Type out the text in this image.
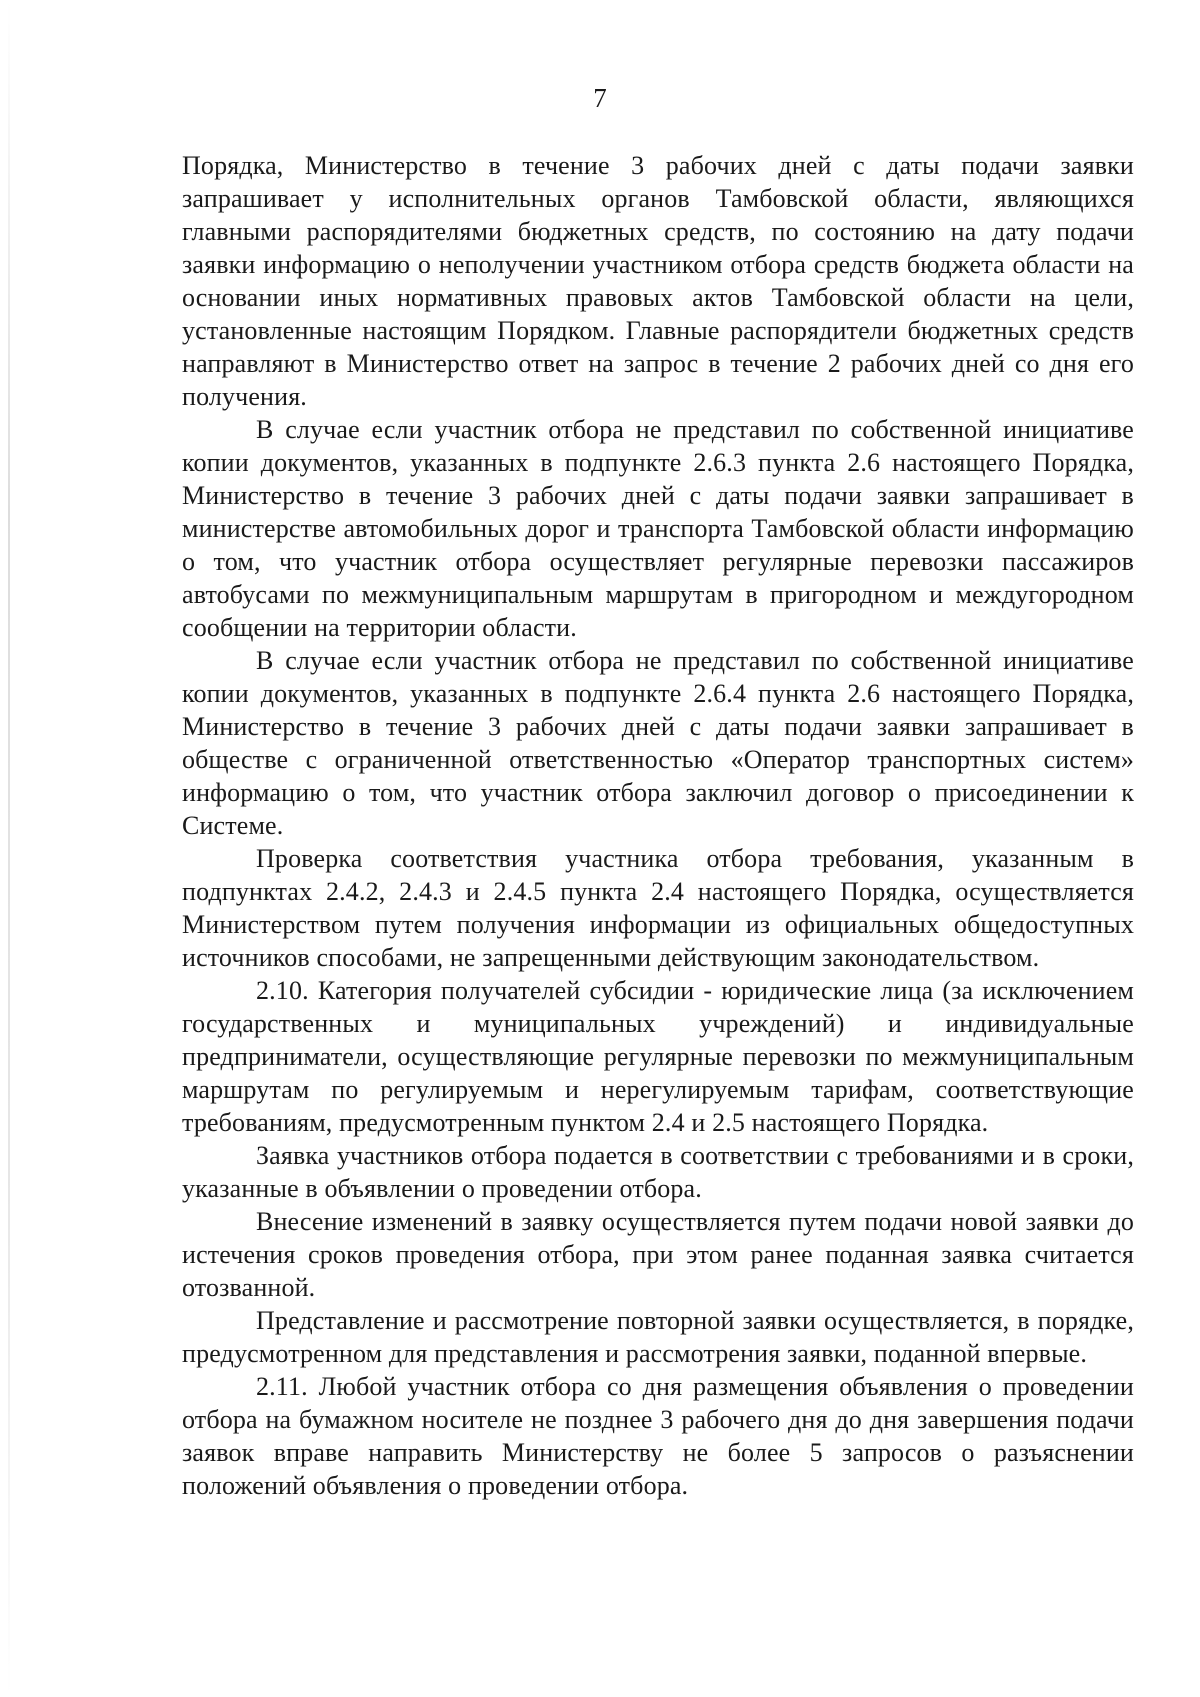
7

Порядка, Министерство в течение 3 рабочих дней с даты подачи заявки запрашивает у исполнительных органов Тамбовской области, являющихся главными распорядителями бюджетных средств, по состоянию на дату подачи заявки информацию о неполучении участником отбора средств бюджета области на основании иных нормативных правовых актов Тамбовской области на цели, установленные настоящим Порядком. Главные распорядители бюджетных средств направляют в Министерство ответ на запрос в течение 2 рабочих дней со дня его получения.

В случае если участник отбора не представил по собственной инициативе копии документов, указанных в подпункте 2.6.3 пункта 2.6 настоящего Порядка, Министерство в течение 3 рабочих дней с даты подачи заявки запрашивает в министерстве автомобильных дорог и транспорта Тамбовской области информацию о том, что участник отбора осуществляет регулярные перевозки пассажиров автобусами по межмуниципальным маршрутам в пригородном и междугородном сообщении на территории области.

В случае если участник отбора не представил по собственной инициативе копии документов, указанных в подпункте 2.6.4 пункта 2.6 настоящего Порядка, Министерство в течение 3 рабочих дней с даты подачи заявки запрашивает в обществе с ограниченной ответственностью «Оператор транспортных систем» информацию о том, что участник отбора заключил договор о присоединении к Системе.

Проверка соответствия участника отбора требования, указанным в подпунктах 2.4.2, 2.4.3 и 2.4.5 пункта 2.4 настоящего Порядка, осуществляется Министерством путем получения информации из официальных общедоступных источников способами, не запрещенными действующим законодательством.

2.10. Категория получателей субсидии - юридические лица (за исключением государственных и муниципальных учреждений) и индивидуальные предприниматели, осуществляющие регулярные перевозки по межмуниципальным маршрутам по регулируемым и нерегулируемым тарифам, соответствующие требованиям, предусмотренным пунктом 2.4 и 2.5 настоящего Порядка.

Заявка участников отбора подается в соответствии с требованиями и в сроки, указанные в объявлении о проведении отбора.

Внесение изменений в заявку осуществляется путем подачи новой заявки до истечения сроков проведения отбора, при этом ранее поданная заявка считается отозванной.

Представление и рассмотрение повторной заявки осуществляется, в порядке, предусмотренном для представления и рассмотрения заявки, поданной впервые.

2.11. Любой участник отбора со дня размещения объявления о проведении отбора на бумажном носителе не позднее 3 рабочего дня до дня завершения подачи заявок вправе направить Министерству не более 5 запросов о разъяснении положений объявления о проведении отбора.
